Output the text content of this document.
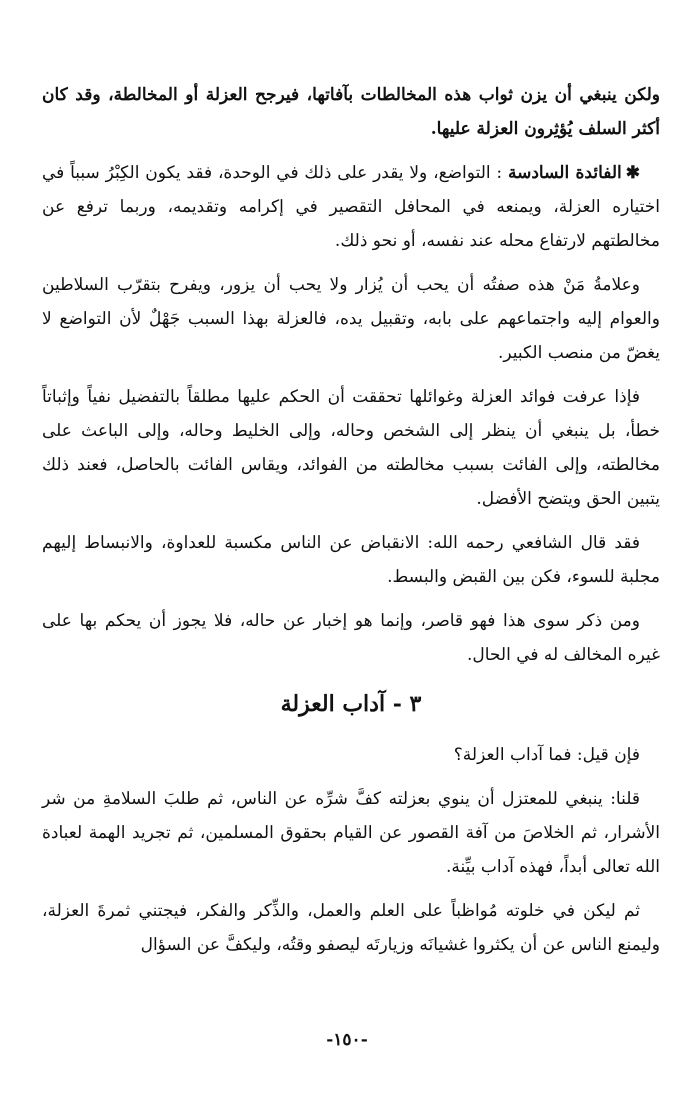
ولكن ينبغي أن يزن ثواب هذه المخالطات بآفاتها، فيرجح العزلة أو المخالطة، وقد كان أكثر السلف يُؤثِرون العزلة عليها.

✱الفائدة السادسة : التواضع، ولا يقدر على ذلك في الوحدة، فقد يكون الكِبْرُ سبباً في اختياره العزلة، ويمنعه في المحافل التقصير في إكرامه وتقديمه، وربما ترفع عن مخالطتهم لارتفاع محله عند نفسه، أو نحو ذلك.

وعلامةُ مَنْ هذه صفتُه أن يحب أن يُزار ولا يحب أن يزور، ويفرح بتقرّب السلاطين والعوام إليه واجتماعهم على بابه، وتقبيل يده، فالعزلة بهذا السبب جَهْلٌ لأن التواضع لا يغضّ من منصب الكبير.

فإذا عرفت فوائد العزلة وغوائلها تحققت أن الحكم عليها مطلقاً بالتفضيل نفياً وإثباتاً خطأ، بل ينبغي أن ينظر إلى الشخص وحاله، وإلى الخليط وحاله، وإلى الباعث على مخالطته، وإلى الفائت بسبب مخالطته من الفوائد، ويقاس الفائت بالحاصل، فعند ذلك يتبين الحق ويتضح الأفضل.

فقد قال الشافعي رحمه الله: الانقباض عن الناس مكسبة للعداوة، والانبساط إليهم مجلبة للسوء، فكن بين القبض والبسط.

ومن ذكر سوى هذا فهو قاصر، وإنما هو إخبار عن حاله، فلا يجوز أن يحكم بها على غيره المخالف له في الحال.

٣ - آداب العزلة

فإن قيل: فما آداب العزلة؟

قلنا: ينبغي للمعتزل أن ينوي بعزلته كفَّ شرِّه عن الناس، ثم طلبَ السلامةِ من شر الأشرار، ثم الخلاصَ من آفة القصور عن القيام بحقوق المسلمين، ثم تجريد الهمة لعبادة الله تعالى أبداً، فهذه آداب بيِّنة.

ثم ليكن في خلوته مُواظباً على العلم والعمل، والذِّكر والفكر، فيجتني ثمرةَ العزلة، وليمنع الناس عن أن يكثروا غشيانَه وزيارتَه ليصفو وقتُه، وليكفَّ عن السؤال

-١٥٠-
